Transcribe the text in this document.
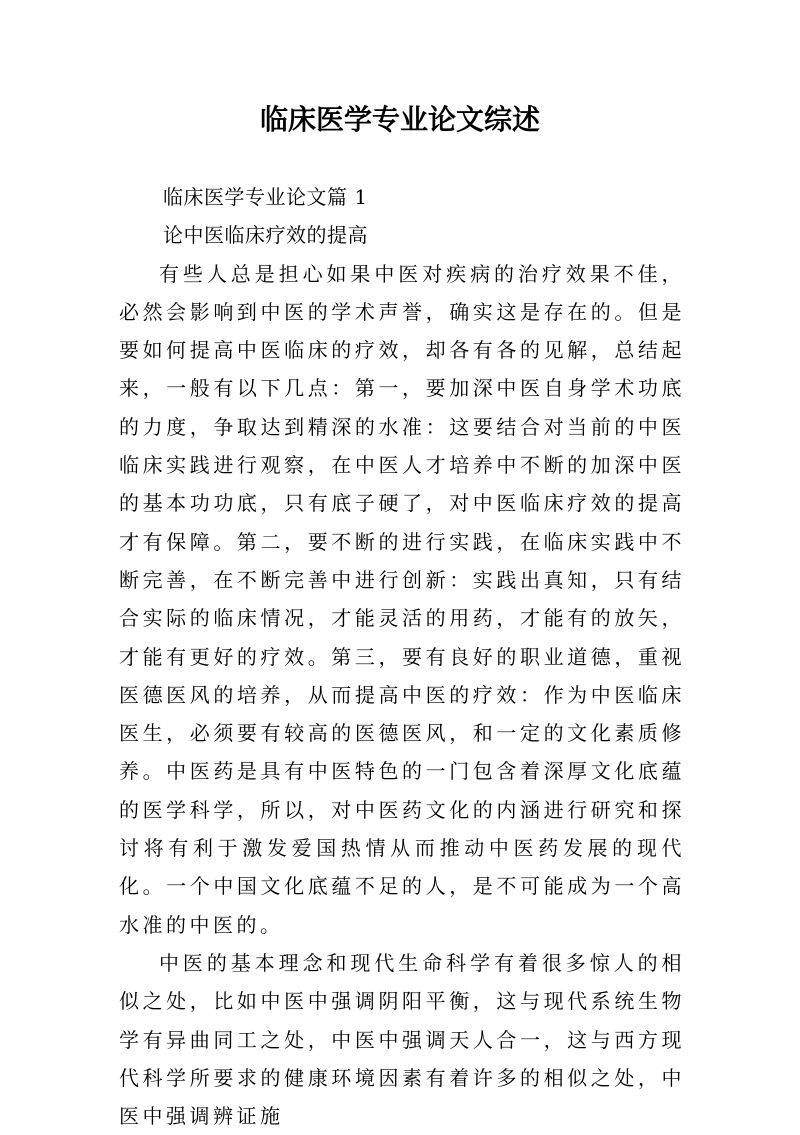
临床医学专业论文综述

临床医学专业论文篇 1

论中医临床疗效的提高

有些人总是担心如果中医对疾病的治疗效果不佳，必然会影响到中医的学术声誉，确实这是存在的。但是要如何提高中医临床的疗效，却各有各的见解，总结起来，一般有以下几点：第一，要加深中医自身学术功底的力度，争取达到精深的水准：这要结合对当前的中医临床实践进行观察，在中医人才培养中不断的加深中医的基本功功底，只有底子硬了，对中医临床疗效的提高才有保障。第二，要不断的进行实践，在临床实践中不断完善，在不断完善中进行创新：实践出真知，只有结合实际的临床情况，才能灵活的用药，才能有的放矢，才能有更好的疗效。第三，要有良好的职业道德，重视医德医风的培养，从而提高中医的疗效：作为中医临床医生，必须要有较高的医德医风，和一定的文化素质修养。中医药是具有中医特色的一门包含着深厚文化底蕴的医学科学，所以，对中医药文化的内涵进行研究和探讨将有利于激发爱国热情从而推动中医药发展的现代化。一个中国文化底蕴不足的人，是不可能成为一个高水准的中医的。

中医的基本理念和现代生命科学有着很多惊人的相似之处，比如中医中强调阴阳平衡，这与现代系统生物学有异曲同工之处，中医中强调天人合一，这与西方现代科学所要求的健康环境因素有着许多的相似之处，中医中强调辨证施
